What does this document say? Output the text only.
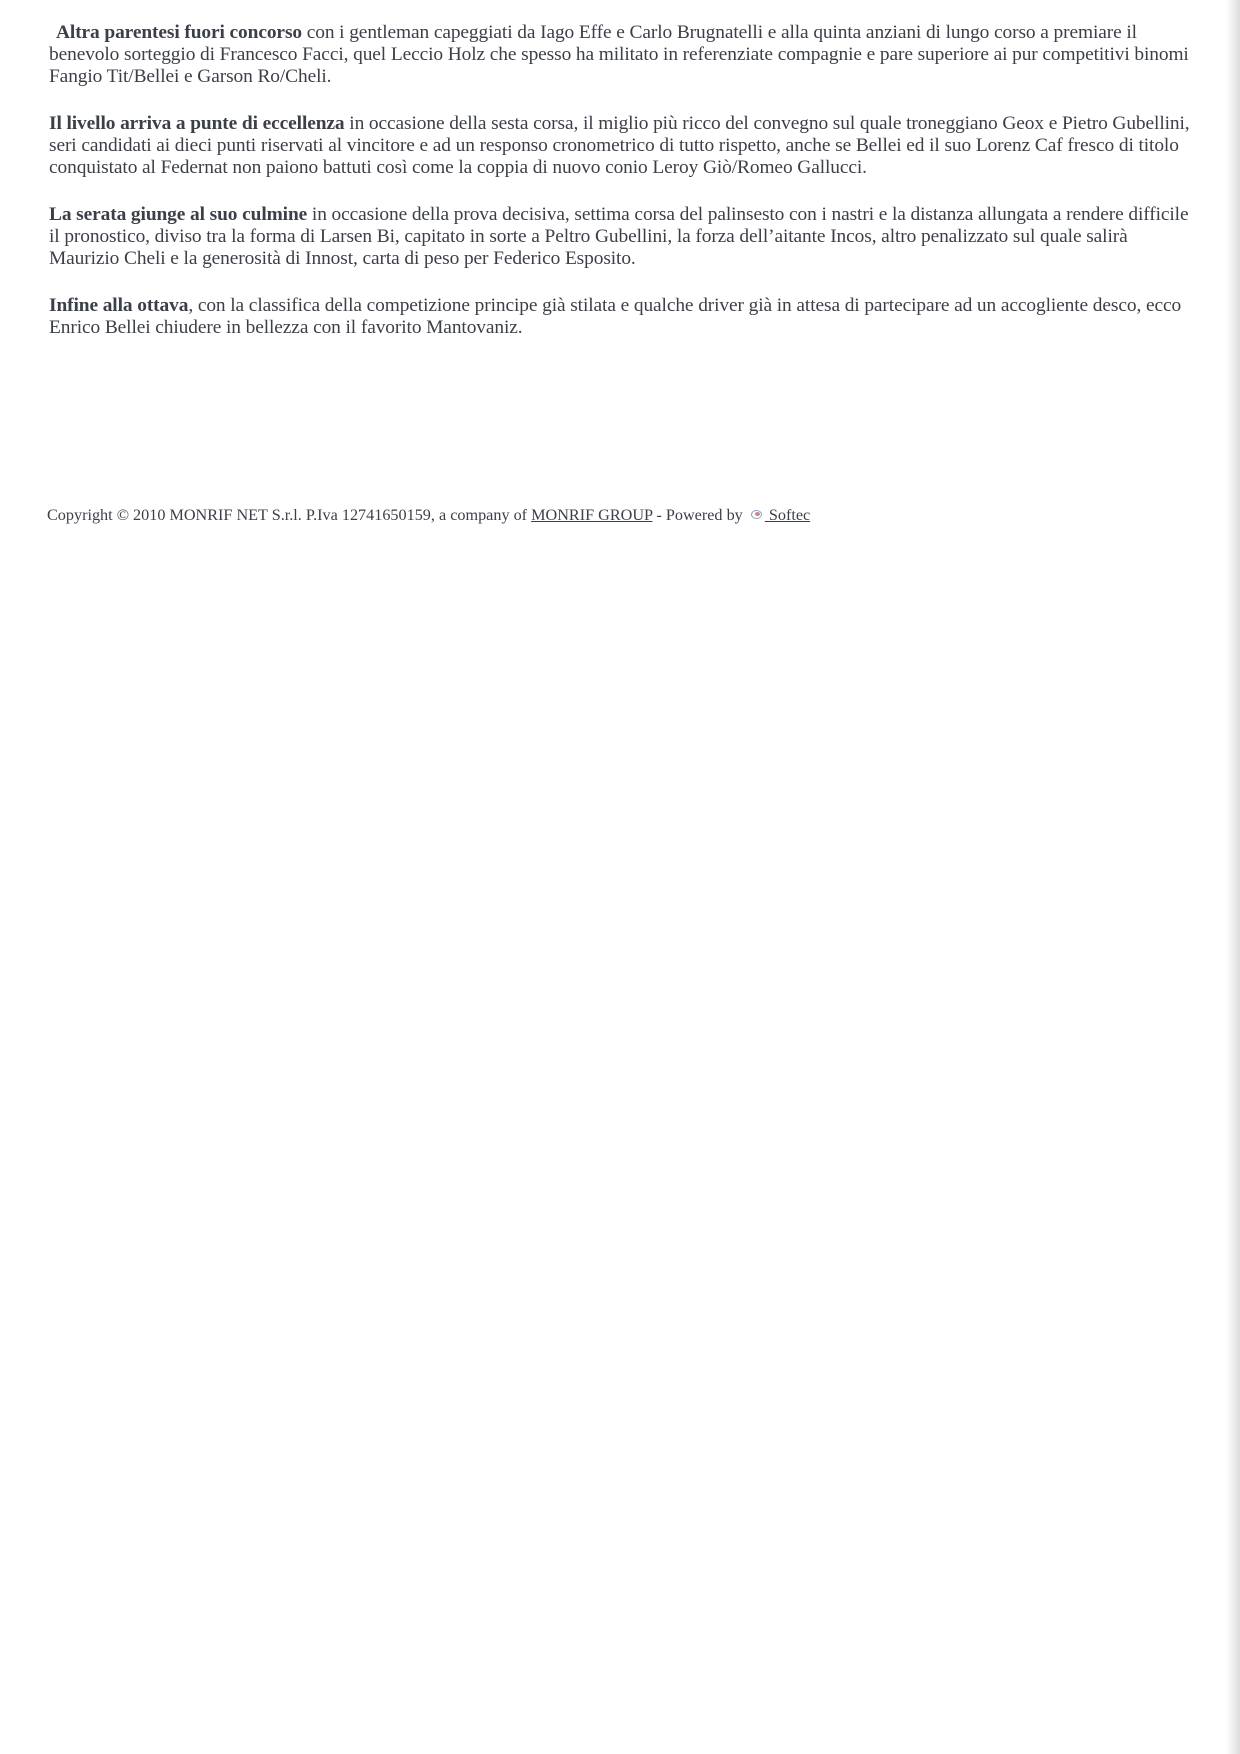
Altra parentesi fuori concorso con i gentleman capeggiati da Iago Effe e Carlo Brugnatelli e alla quinta anziani di lungo corso a premiare il benevolo sorteggio di Francesco Facci, quel Leccio Holz che spesso ha militato in referenziate compagnie e pare superiore ai pur competitivi binomi Fangio Tit/Bellei e Garson Ro/Cheli.

Il livello arriva a punte di eccellenza in occasione della sesta corsa, il miglio più ricco del convegno sul quale troneggiano Geox e Pietro Gubellini, seri candidati ai dieci punti riservati al vincitore e ad un responso cronometrico di tutto rispetto, anche se Bellei ed il suo Lorenz Caf fresco di titolo conquistato al Federnat non paiono battuti così come la coppia di nuovo conio Leroy Giò/Romeo Gallucci.

La serata giunge al suo culmine in occasione della prova decisiva, settima corsa del palinsesto con i nastri e la distanza allungata a rendere difficile il pronostico, diviso tra la forma di Larsen Bi, capitato in sorte a Peltro Gubellini, la forza dell’aitante Incos, altro penalizzato sul quale salirà Maurizio Cheli e la generosità di Innost, carta di peso per Federico Esposito.

Infine alla ottava, con la classifica della competizione principe già stilata e qualche driver già in attesa di partecipare ad un accogliente desco, ecco Enrico Bellei chiudere in bellezza con il favorito Mantovaniz.

Copyright © 2010 MONRIF NET S.r.l. P.Iva 12741650159, a company of MONRIF GROUP - Powered by  Softec
